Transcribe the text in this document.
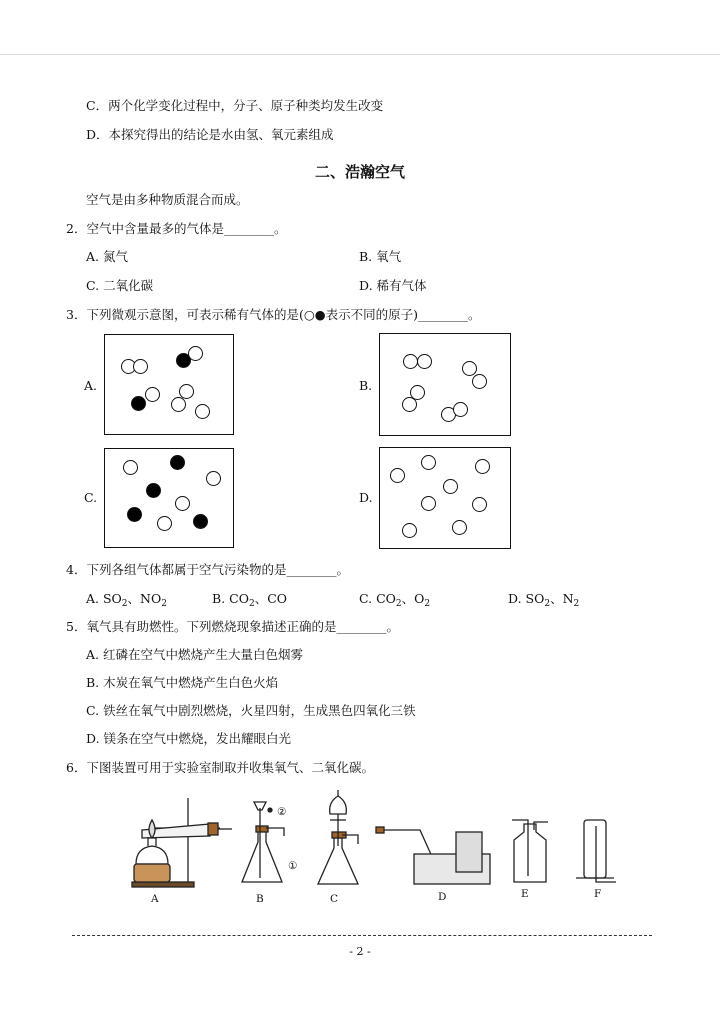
C．两个化学变化过程中，分子、原子种类均发生改变
D．本探究得出的结论是水由氢、氧元素组成
二、浩瀚空气
空气是由多种物质混合而成。
2．空气中含量最多的气体是________。
A. 氮气	B. 氧气
C. 二氧化碳	D. 稀有气体
3．下列微观示意图，可表示稀有气体的是(○●表示不同的原子)________。
A.	B.
C.	D.
4．下列各组气体都属于空气污染物的是________。
A. $SO_2$、$NO_2$	B. $CO_2$、CO	C. $CO_2$、$O_2$	D. $SO_2$、$N_2$
5．氧气具有助燃性。下列燃烧现象描述正确的是________。
A. 红磷在空气中燃烧产生大量白色烟雾
B. 木炭在氧气中燃烧产生白色火焰
C. 铁丝在氧气中剧烈燃烧，火星四射，生成黑色四氧化三铁
D. 镁条在空气中燃烧，发出耀眼白光
6．下图装置可用于实验室制取并收集氧气、二氧化碳。
A	B	C	D	E	F
②
①
- 2 -
